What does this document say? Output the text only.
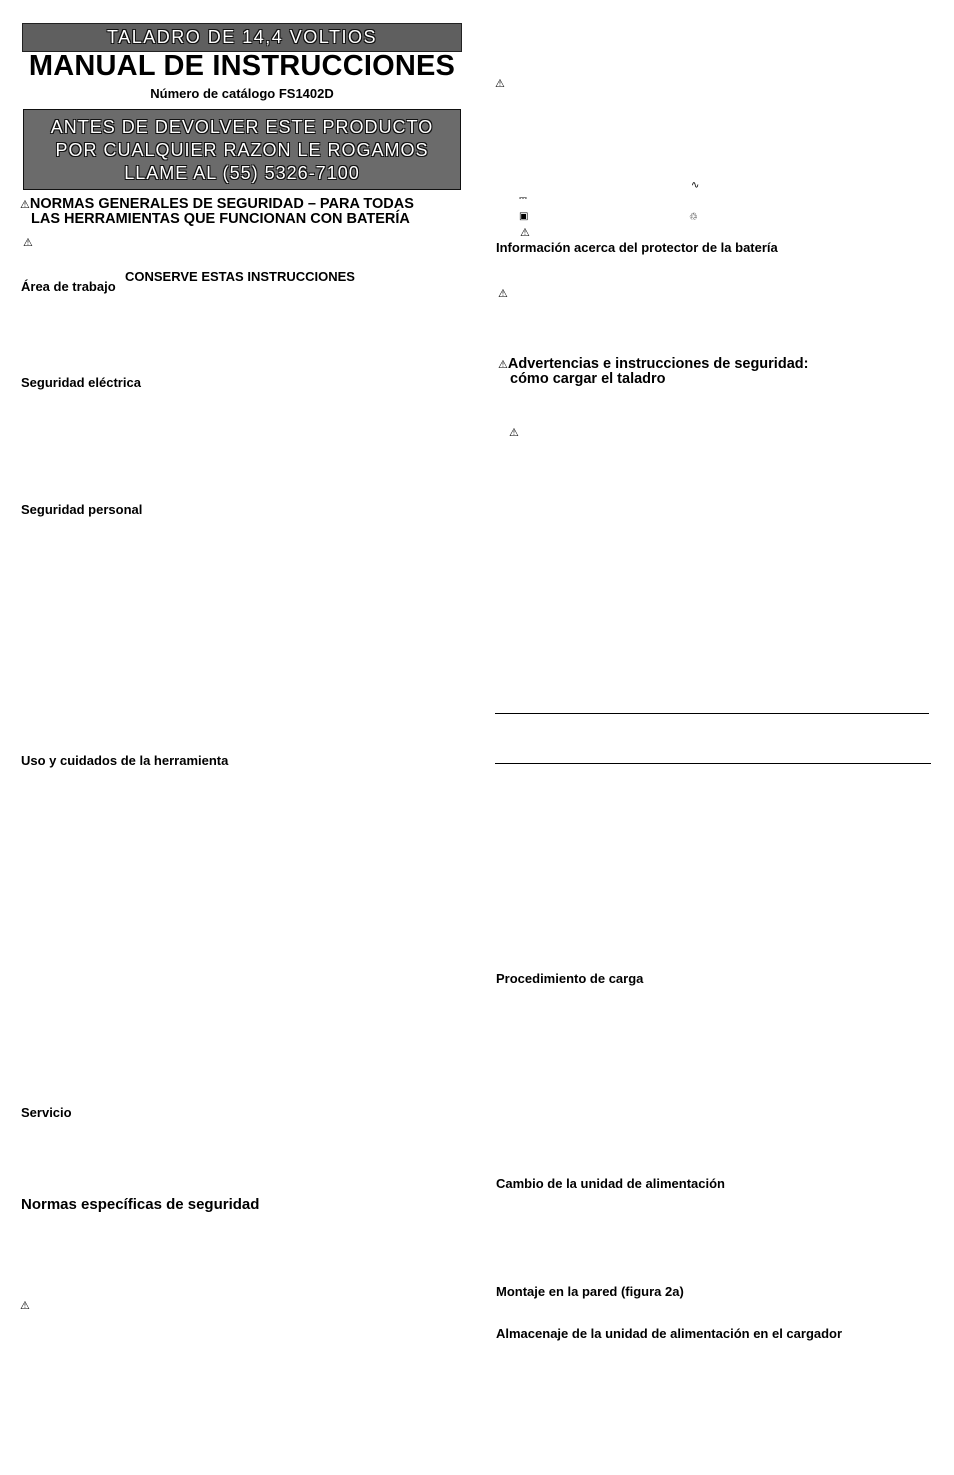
TALADRO DE 14,4 VOLTIOS
MANUAL DE INSTRUCCIONES
Número de catálogo FS1402D
ANTES DE DEVOLVER ESTE PRODUCTO POR CUALQUIER RAZON LE ROGAMOS LLAME AL (55) 5326-7100
⚠ NORMAS GENERALES DE SEGURIDAD – PARA TODAS
LAS HERRAMIENTAS QUE FUNCIONAN CON BATERÍA
⚠
CONSERVE ESTAS INSTRUCCIONES
Área de trabajo
Seguridad eléctrica
Seguridad personal
Uso y cuidados de la herramienta
Servicio
Normas específicas de seguridad
⚠
⚠
∿
⎓
▣	♲
⚠
Información acerca del protector de la batería
⚠
⚠ Advertencias e instrucciones de seguridad:
cómo cargar el taladro
⚠
Procedimiento de carga
Cambio de la unidad de alimentación
Montaje en la pared (figura 2a)
Almacenaje de la unidad de alimentación en el cargador
